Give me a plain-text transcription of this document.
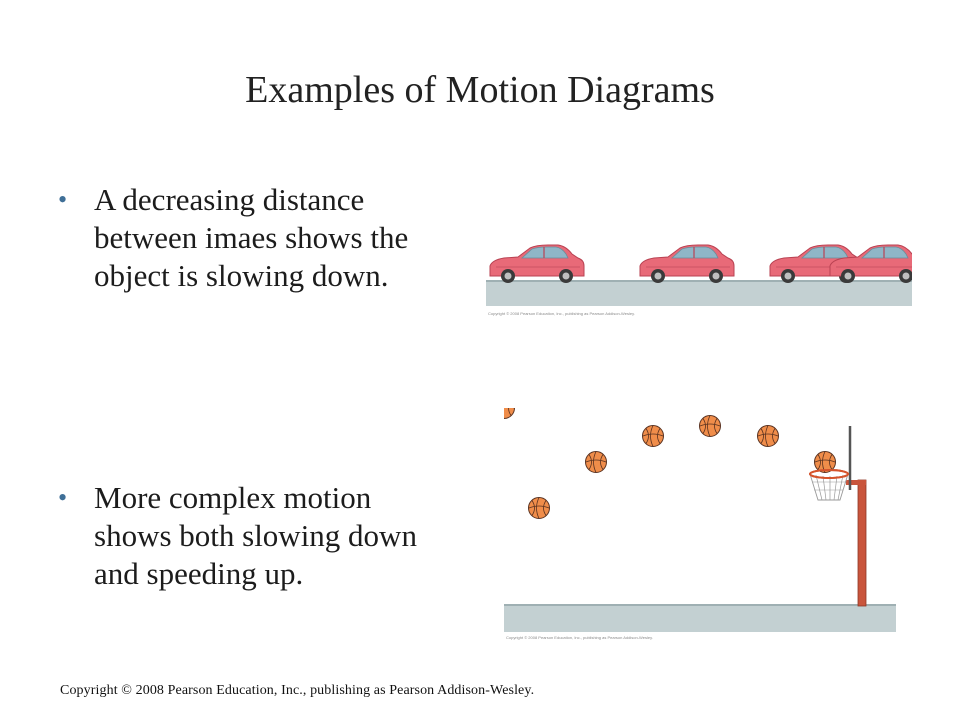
Examples of Motion Diagrams
• A decreasing distance between imaes shows the object is slowing down.
• More complex motion shows both slowing down and speeding up.
Copyright © 2008 Pearson Education, Inc., publishing as Pearson Addison-Wesley.
Copyright © 2008 Pearson Education, Inc., publishing as Pearson Addison-Wesley.
Copyright © 2008 Pearson Education, Inc., publishing as Pearson Addison-Wesley.
